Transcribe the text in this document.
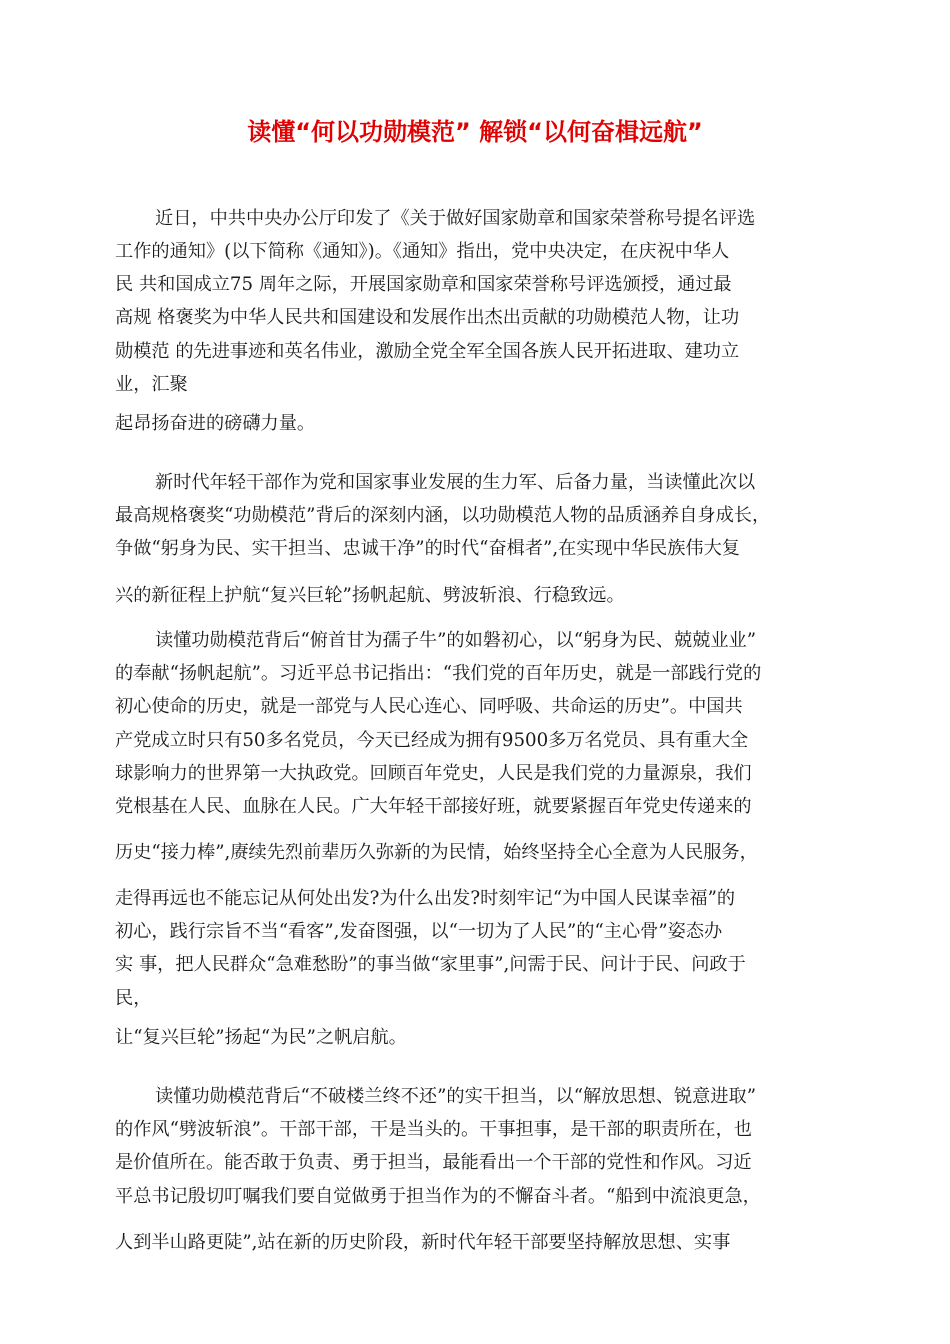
读懂“何以功勋模范” 解锁“以何奋楫远航”
近日，中共中央办公厅印发了《关于做好国家勋章和国家荣誉称号提名评选
工作的通知》(以下简称《通知》)。《通知》指出，党中央决定，在庆祝中华人
民 共和国成立75 周年之际，开展国家勋章和国家荣誉称号评选颁授，通过最
高规 格褒奖为中华人民共和国建设和发展作出杰出贡献的功勋模范人物，让功
勋模范 的先进事迹和英名伟业，激励全党全军全国各族人民开拓进取、建功立
业，汇聚
起昂扬奋进的磅礴力量。
新时代年轻干部作为党和国家事业发展的生力军、后备力量，当读懂此次以
最高规格褒奖“功勋模范”背后的深刻内涵，以功勋模范人物的品质涵养自身成长，
争做“躬身为民、实干担当、忠诚干净”的时代“奋楫者”,在实现中华民族伟大复
兴的新征程上护航“复兴巨轮”扬帆起航、劈波斩浪、行稳致远。
读懂功勋模范背后“俯首甘为孺子牛”的如磐初心，以“躬身为民、兢兢业业”
的奉献“扬帆起航”。习近平总书记指出：“我们党的百年历史，就是一部践行党的
初心使命的历史，就是一部党与人民心连心、同呼吸、共命运的历史”。中国共
产党成立时只有50多名党员，今天已经成为拥有9500多万名党员、具有重大全
球影响力的世界第一大执政党。回顾百年党史，人民是我们党的力量源泉，我们
党根基在人民、血脉在人民。广大年轻干部接好班，就要紧握百年党史传递来的
历史“接力棒”,赓续先烈前辈历久弥新的为民情，始终坚持全心全意为人民服务，
走得再远也不能忘记从何处出发?为什么出发?时刻牢记“为中国人民谋幸福”的
初心，践行宗旨不当“看客”,发奋图强，以“一切为了人民”的“主心骨”姿态办
实 事，把人民群众“急难愁盼”的事当做“家里事”,问需于民、问计于民、问政于
民，
让“复兴巨轮”扬起“为民”之帆启航。
读懂功勋模范背后“不破楼兰终不还”的实干担当，以“解放思想、锐意进取”
的作风“劈波斩浪”。干部干部，干是当头的。干事担事，是干部的职责所在，也
是价值所在。能否敢于负责、勇于担当，最能看出一个干部的党性和作风。习近
平总书记殷切叮嘱我们要自觉做勇于担当作为的不懈奋斗者。“船到中流浪更急，
人到半山路更陡”,站在新的历史阶段，新时代年轻干部要坚持解放思想、实事
